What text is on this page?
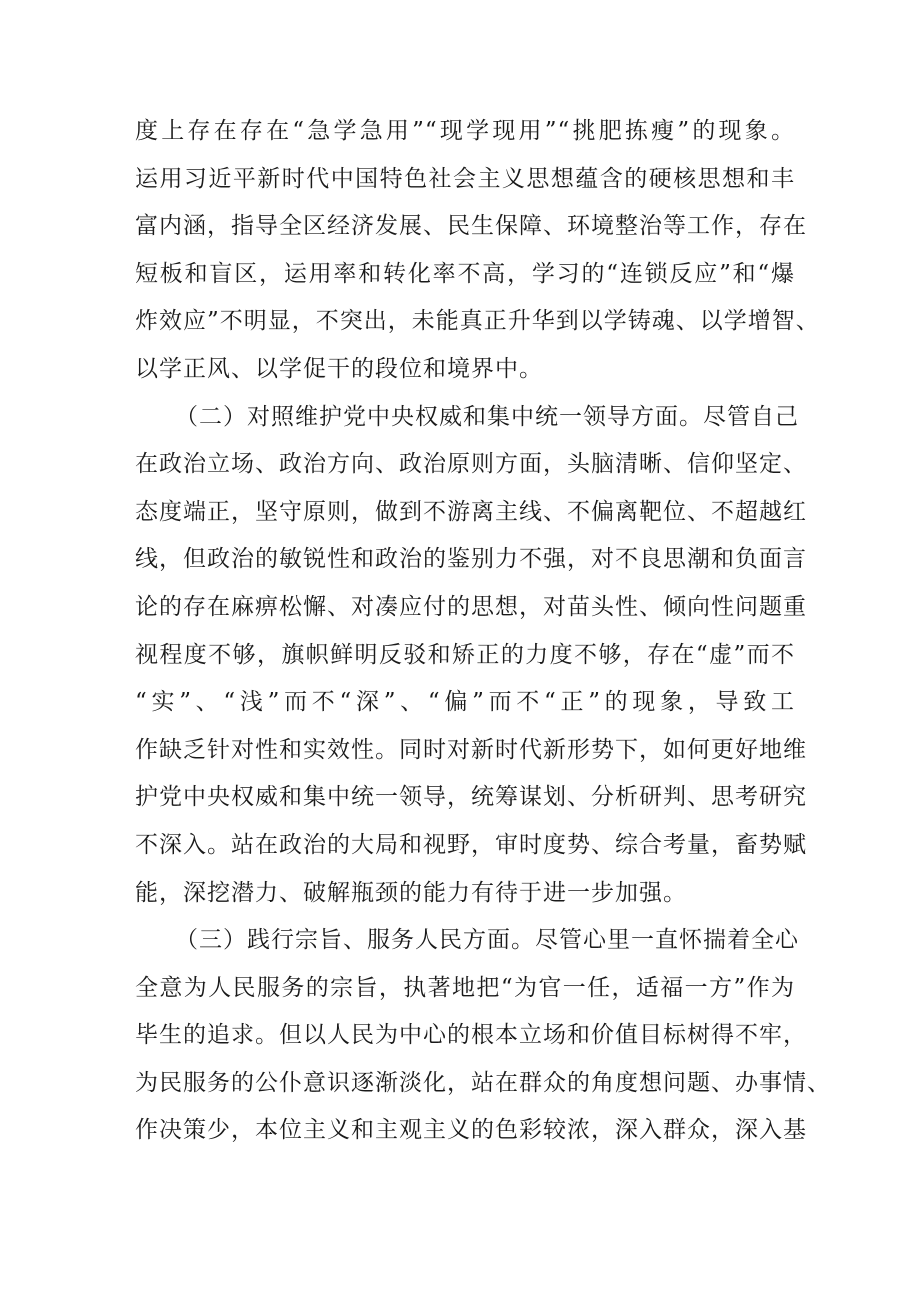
度上存在存在“急学急用”“现学现用”“挑肥拣瘦”的现象。
运用习近平新时代中国特色社会主义思想蕴含的硬核思想和丰
富内涵，指导全区经济发展、民生保障、环境整治等工作，存在
短板和盲区，运用率和转化率不高，学习的“连锁反应”和“爆
炸效应”不明显，不突出，未能真正升华到以学铸魂、以学增智、
以学正风、以学促干的段位和境界中。
（二）对照维护党中央权威和集中统一领导方面。尽管自己
在政治立场、政治方向、政治原则方面，头脑清晰、信仰坚定、
态度端正，坚守原则，做到不游离主线、不偏离靶位、不超越红
线，但政治的敏锐性和政治的鉴别力不强，对不良思潮和负面言
论的存在麻痹松懈、对凑应付的思想，对苗头性、倾向性问题重
视程度不够，旗帜鲜明反驳和矫正的力度不够，存在“虚”而不
“实”、“浅”而不“深”、“偏”而不“正”的现象，导致工
作缺乏针对性和实效性。同时对新时代新形势下，如何更好地维
护党中央权威和集中统一领导，统筹谋划、分析研判、思考研究
不深入。站在政治的大局和视野，审时度势、综合考量，畜势赋
能，深挖潜力、破解瓶颈的能力有待于进一步加强。
（三）践行宗旨、服务人民方面。尽管心里一直怀揣着全心
全意为人民服务的宗旨，执著地把“为官一任，适福一方”作为
毕生的追求。但以人民为中心的根本立场和价值目标树得不牢，
为民服务的公仆意识逐渐淡化，站在群众的角度想问题、办事情、
作决策少，本位主义和主观主义的色彩较浓，深入群众，深入基
